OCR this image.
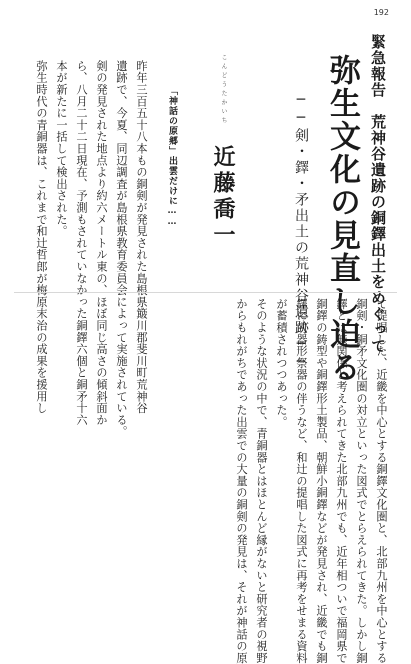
192
緊急報告　荒神谷遺跡の銅鐸出土をめぐって
弥生文化の見直し迫る
──剣・鐸・矛出土の荒神谷遺跡──
こんどうたかいち 近藤喬一
「神話の原郷」出雲だけに……
昨年三百五十八本もの銅剣が発見された島根県簸川郡斐川町荒神谷
遺跡で、今夏、同辺調査が島根県教育委員会によって実施されている。
剣の発見された地点より約六メートル東の、ほぼ同じ高さの傾斜面か
ら、八月二十二日現在、予測もされていなかった銅鐸六個と銅矛十六
本が新たに一括して検出された。
弥生時代の青銅器は、これまで和辻哲郎が梅原末治の成果を援用し
て提唱した、近畿を中心とする銅鐸文化圏と、北部九州を中心とする
銅剣・銅矛文化圏の対立といった図式でとらえられてきた。しかし銅
鐸とは無関係と考えられてきた北部九州でも、近年相ついで福岡県で
銅鐸の鋳型や銅鐸形土製品、朝鮮小銅鐸などが発見され、近畿でも銅
鐸に武器形祭器の伴うなど、和辻の提唱した図式に再考をせまる資料
が蓄積されつつあった。
そのような状況の中で、青銅器とはほとんど縁がないと研究者の視野
からもれがちであった出雲での大量の銅剣の発見は、それが神話の原
